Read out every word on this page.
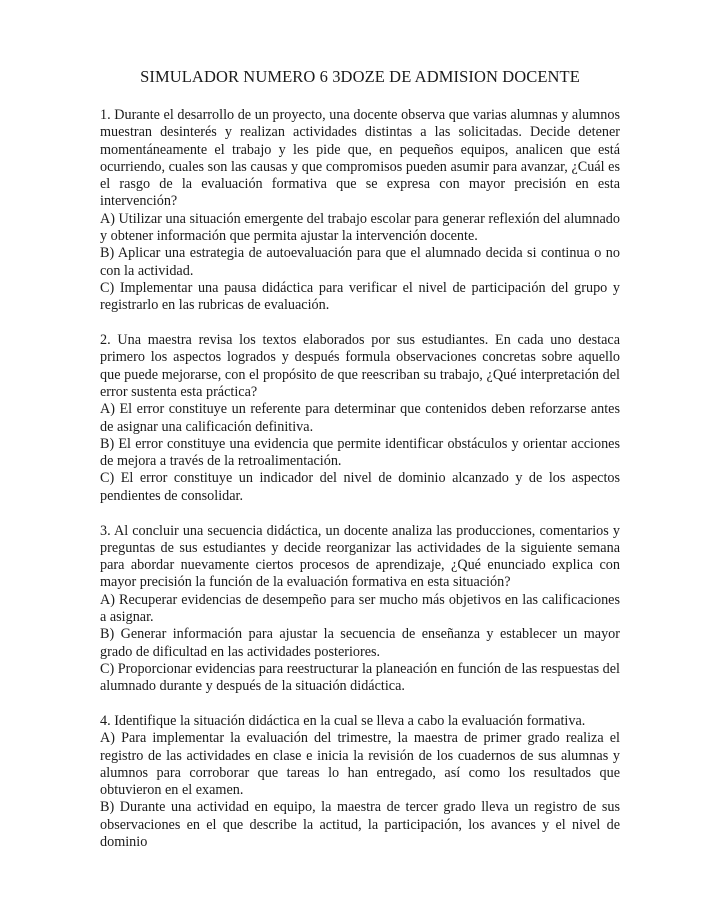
SIMULADOR NUMERO 6 3DOZE DE ADMISION DOCENTE

1. Durante el desarrollo de un proyecto, una docente observa que varias alumnas y alumnos muestran desinterés y realizan actividades distintas a las solicitadas. Decide detener momentáneamente el trabajo y les pide que, en pequeños equipos, analicen que está ocurriendo, cuales son las causas y que compromisos pueden asumir para avanzar, ¿Cuál es el rasgo de la evaluación formativa que se expresa con mayor precisión en esta intervención?

A) Utilizar una situación emergente del trabajo escolar para generar reflexión del alumnado y obtener información que permita ajustar la intervención docente.

B) Aplicar una estrategia de autoevaluación para que el alumnado decida si continua o no con la actividad.

C) Implementar una pausa didáctica para verificar el nivel de participación del grupo y registrarlo en las rubricas de evaluación.

2. Una maestra revisa los textos elaborados por sus estudiantes. En cada uno destaca primero los aspectos logrados y después formula observaciones concretas sobre aquello que puede mejorarse, con el propósito de que reescriban su trabajo, ¿Qué interpretación del error sustenta esta práctica?

A) El error constituye un referente para determinar que contenidos deben reforzarse antes de asignar una calificación definitiva.

B) El error constituye una evidencia que permite identificar obstáculos y orientar acciones de mejora a través de la retroalimentación.

C) El error constituye un indicador del nivel de dominio alcanzado y de los aspectos pendientes de consolidar.

3. Al concluir una secuencia didáctica, un docente analiza las producciones, comentarios y preguntas de sus estudiantes y decide reorganizar las actividades de la siguiente semana para abordar nuevamente ciertos procesos de aprendizaje, ¿Qué enunciado explica con mayor precisión la función de la evaluación formativa en esta situación?

A) Recuperar evidencias de desempeño para ser mucho más objetivos en las calificaciones a asignar.

B) Generar información para ajustar la secuencia de enseñanza y establecer un mayor grado de dificultad en las actividades posteriores.

C) Proporcionar evidencias para reestructurar la planeación en función de las respuestas del alumnado durante y después de la situación didáctica.

4. Identifique la situación didáctica en la cual se lleva a cabo la evaluación formativa.

A) Para implementar la evaluación del trimestre, la maestra de primer grado realiza el registro de las actividades en clase e inicia la revisión de los cuadernos de sus alumnas y alumnos para corroborar que tareas lo han entregado, así como los resultados que obtuvieron en el examen.

B) Durante una actividad en equipo, la maestra de tercer grado lleva un registro de sus observaciones en el que describe la actitud, la participación, los avances y el nivel de dominio
